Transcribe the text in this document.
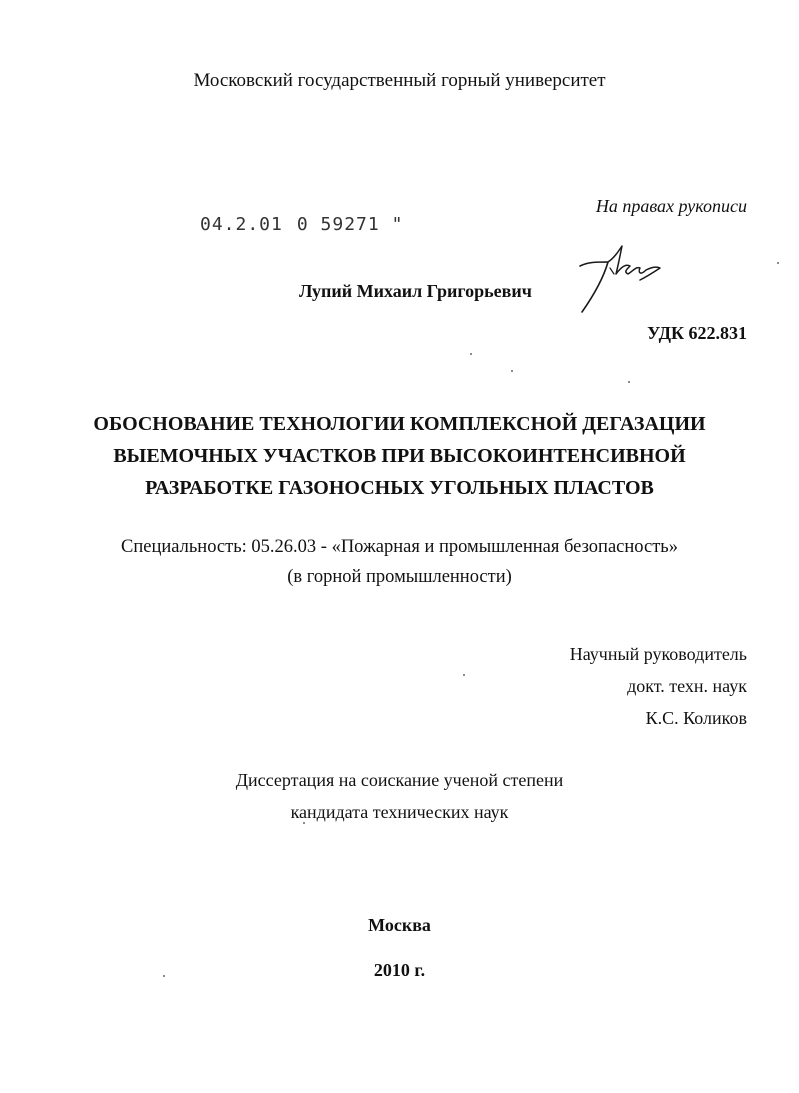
Московский государственный горный университет
На правах рукописи
04.2.01 0 59271 "
Лупий Михаил Григорьевич
УДК 622.831
ОБОСНОВАНИЕ ТЕХНОЛОГИИ КОМПЛЕКСНОЙ ДЕГАЗАЦИИ
ВЫЕМОЧНЫХ УЧАСТКОВ ПРИ ВЫСОКОИНТЕНСИВНОЙ
РАЗРАБОТКЕ ГАЗОНОСНЫХ УГОЛЬНЫХ ПЛАСТОВ
Специальность: 05.26.03 - «Пожарная и промышленная безопасность»
(в горной промышленности)
Научный руководитель
докт. техн. наук
К.С. Коликов
Диссертация на соискание ученой степени
кандидата технических наук
Москва
2010 г.
